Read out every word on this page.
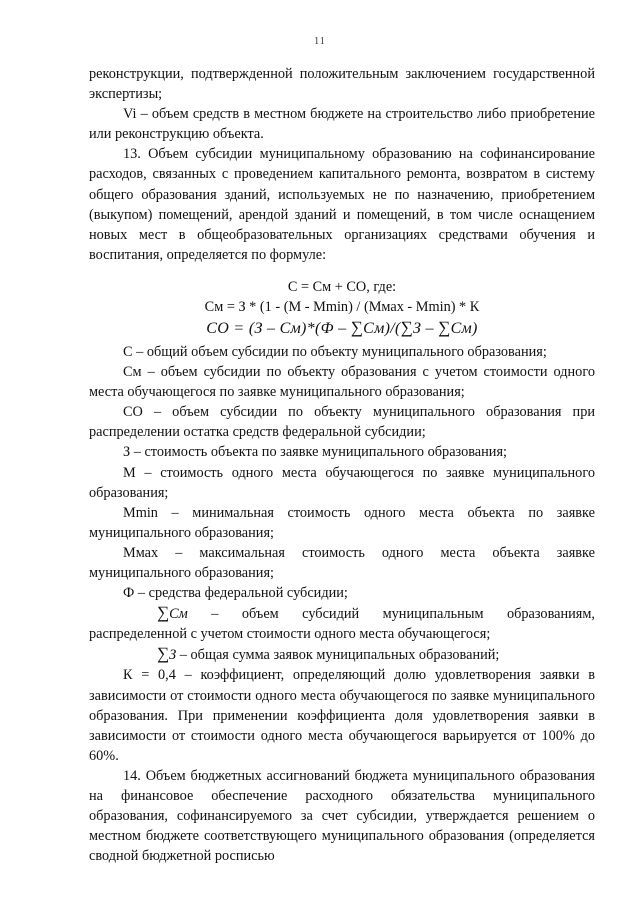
11

реконструкции, подтвержденной положительным заключением государственной экспертизы;

Vi – объем средств в местном бюджете на строительство либо приобретение или реконструкцию объекта.

13. Объем субсидии муниципальному образованию на софинансирование расходов, связанных с проведением капитального ремонта, возвратом в систему общего образования зданий, используемых не по назначению, приобретением (выкупом) помещений, арендой зданий и помещений, в том числе оснащением новых мест в общеобразовательных организациях средствами обучения и воспитания, определяется по формуле:

С = См + СО, где:
См = З * (1 - (М - Мmin) / (Ммах - Мmin) * К
СО = (З – См)*(Ф – ∑См)/(∑З – ∑См)

С – общий объем субсидии по объекту муниципального образования;

См – объем субсидии по объекту образования с учетом стоимости одного места обучающегося по заявке муниципального образования;

СО – объем субсидии по объекту муниципального образования при распределении остатка средств федеральной субсидии;

З – стоимость объекта по заявке муниципального образования;

М – стоимость одного места обучающегося по заявке муниципального образования;

Мmin – минимальная стоимость одного места объекта по заявке муниципального образования;

Ммах – максимальная стоимость одного места объекта заявке муниципального образования;

Ф – средства федеральной субсидии;

∑См – объем субсидий муниципальным образованиям, распределенной с учетом стоимости одного места обучающегося;

∑З – общая сумма заявок муниципальных образований;

К = 0,4 – коэффициент, определяющий долю удовлетворения заявки в зависимости от стоимости одного места обучающегося по заявке муниципального образования. При применении коэффициента доля удовлетворения заявки в зависимости от стоимости одного места обучающегося варьируется от 100% до 60%.

14. Объем бюджетных ассигнований бюджета муниципального образования на финансовое обеспечение расходного обязательства муниципального образования, софинансируемого за счет субсидии, утверждается решением о местном бюджете соответствующего муниципального образования (определяется сводной бюджетной росписью
